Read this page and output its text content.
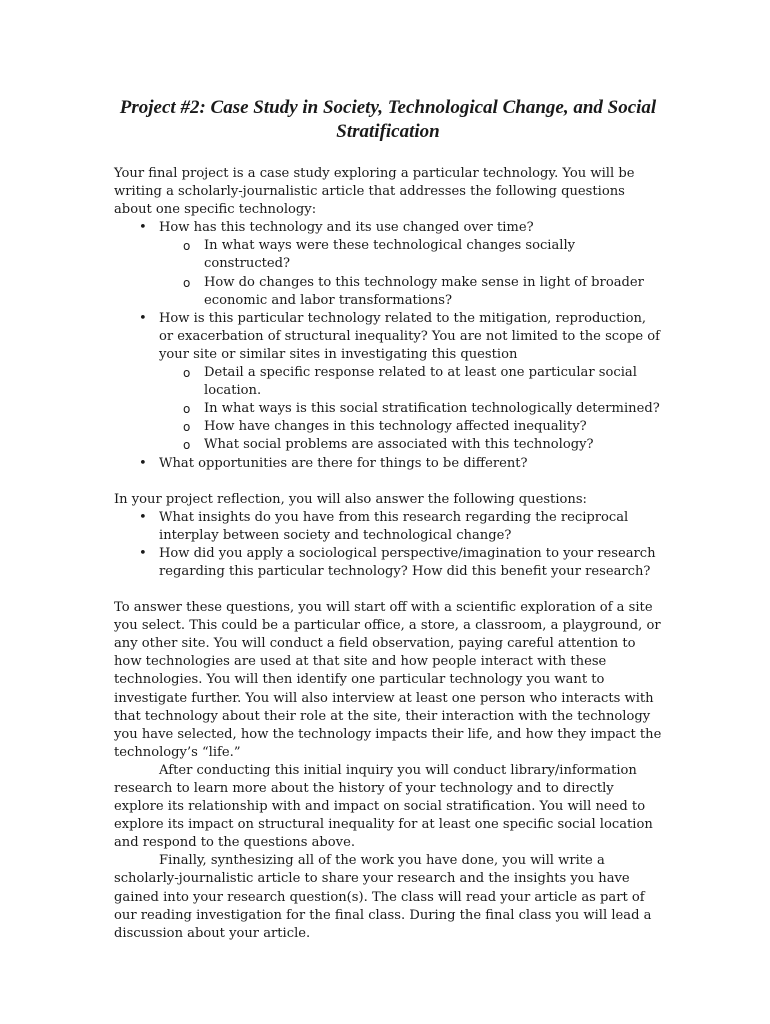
Project #2: Case Study in Society, Technological Change, and Social Stratification

Your final project is a case study exploring a particular technology. You will be writing a scholarly-journalistic article that addresses the following questions about one specific technology:

• How has this technology and its use changed over time?
o In what ways were these technological changes socially constructed?
o How do changes to this technology make sense in light of broader economic and labor transformations?
• How is this particular technology related to the mitigation, reproduction, or exacerbation of structural inequality? You are not limited to the scope of your site or similar sites in investigating this question
o Detail a specific response related to at least one particular social location.
o In what ways is this social stratification technologically determined?
o How have changes in this technology affected inequality?
o What social problems are associated with this technology?
• What opportunities are there for things to be different?

In your project reflection, you will also answer the following questions:

• What insights do you have from this research regarding the reciprocal interplay between society and technological change?
• How did you apply a sociological perspective/imagination to your research regarding this particular technology? How did this benefit your research?

To answer these questions, you will start off with a scientific exploration of a site you select. This could be a particular office, a store, a classroom, a playground, or any other site. You will conduct a field observation, paying careful attention to how technologies are used at that site and how people interact with these technologies. You will then identify one particular technology you want to investigate further. You will also interview at least one person who interacts with that technology about their role at the site, their interaction with the technology you have selected, how the technology impacts their life, and how they impact the technology’s “life.”

After conducting this initial inquiry you will conduct library/information research to learn more about the history of your technology and to directly explore its relationship with and impact on social stratification. You will need to explore its impact on structural inequality for at least one specific social location and respond to the questions above.

Finally, synthesizing all of the work you have done, you will write a scholarly-journalistic article to share your research and the insights you have gained into your research question(s). The class will read your article as part of our reading investigation for the final class. During the final class you will lead a discussion about your article.
